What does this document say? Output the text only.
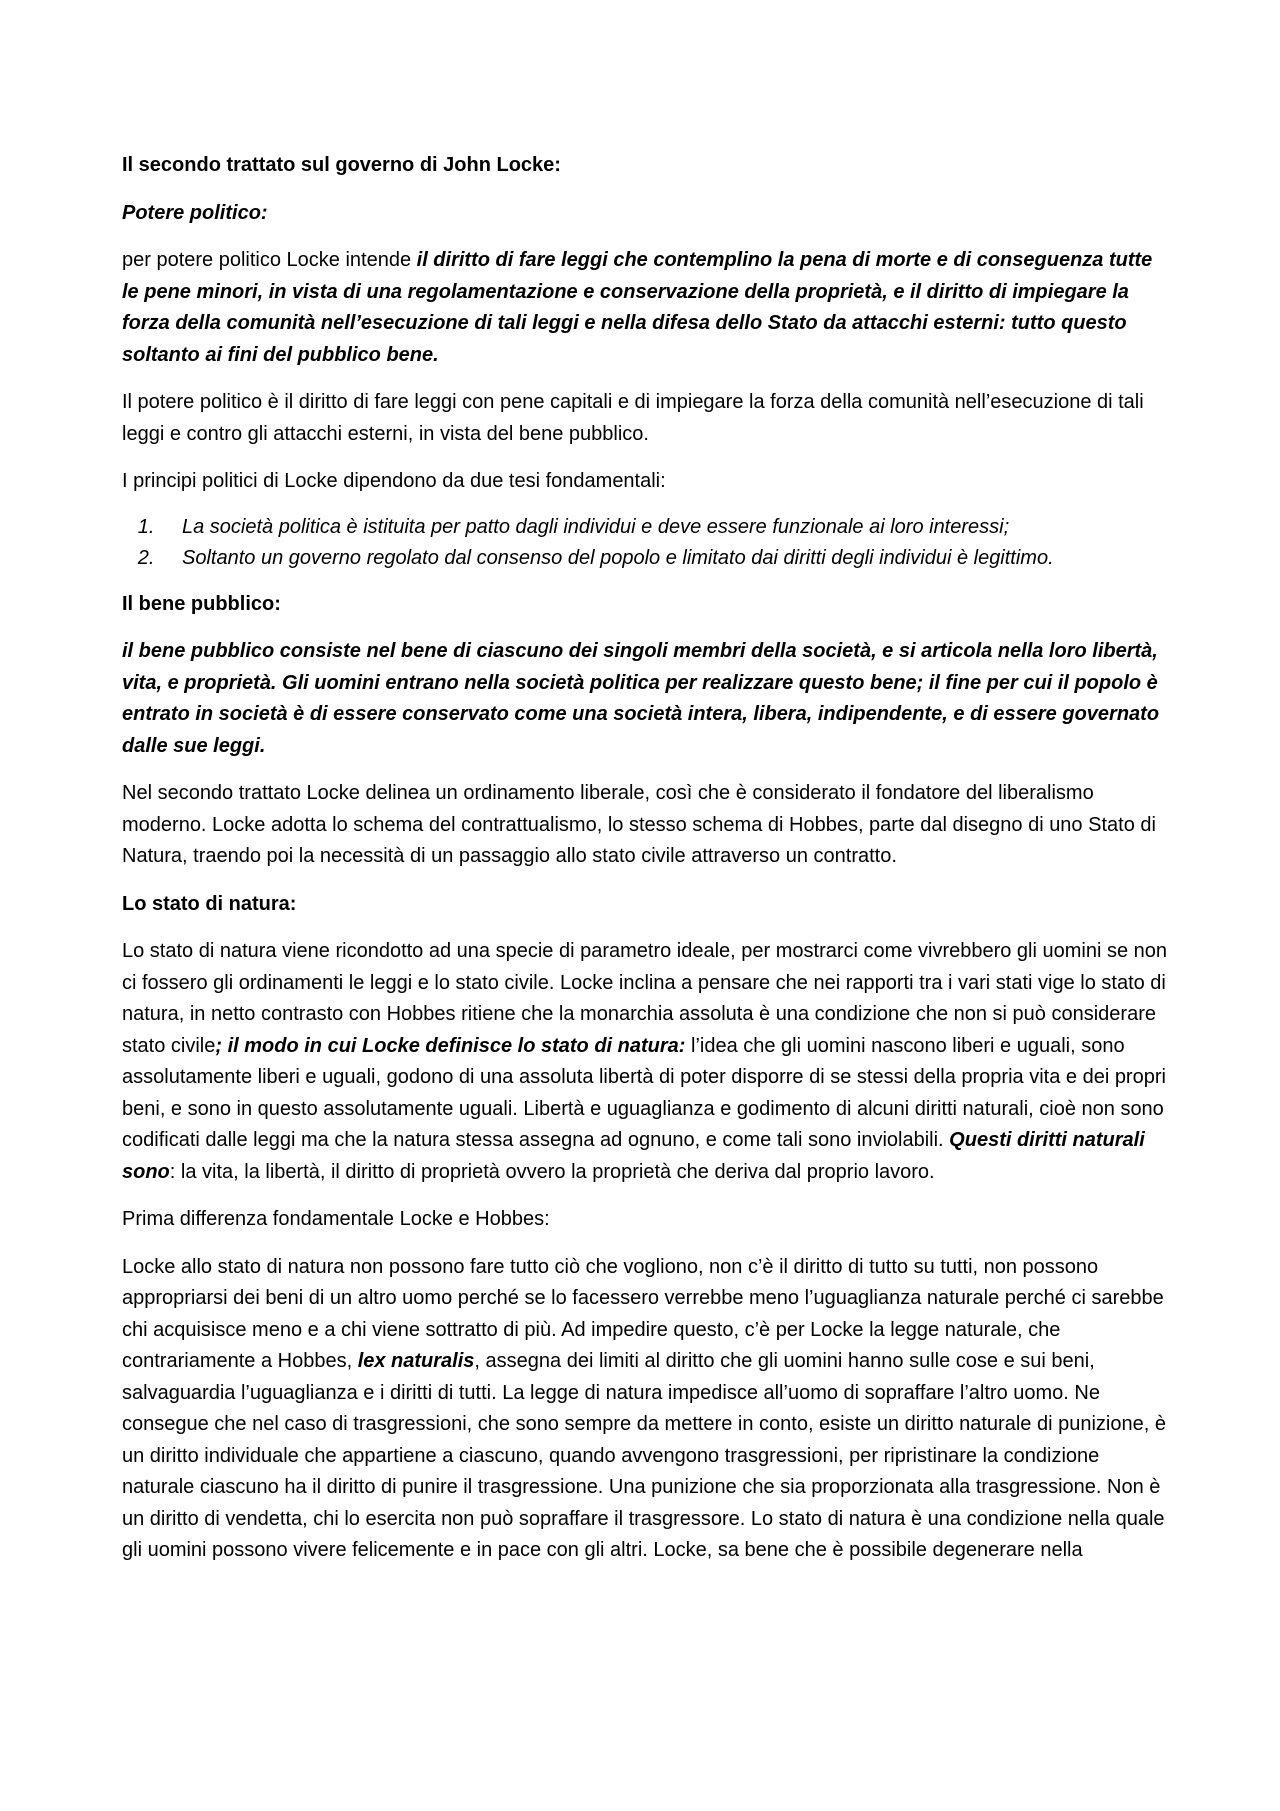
Il secondo trattato sul governo di John Locke:

Potere politico:

per potere politico Locke intende il diritto di fare leggi che contemplino la pena di morte e di conseguenza tutte le pene minori, in vista di una regolamentazione e conservazione della proprietà, e il diritto di impiegare la forza della comunità nell’esecuzione di tali leggi e nella difesa dello Stato da attacchi esterni: tutto questo soltanto ai fini del pubblico bene.

Il potere politico è il diritto di fare leggi con pene capitali e di impiegare la forza della comunità nell’esecuzione di tali leggi e contro gli attacchi esterni, in vista del bene pubblico.

I principi politici di Locke dipendono da due tesi fondamentali:

1. La società politica è istituita per patto dagli individui e deve essere funzionale ai loro interessi;
2. Soltanto un governo regolato dal consenso del popolo e limitato dai diritti degli individui è legittimo.

Il bene pubblico:

il bene pubblico consiste nel bene di ciascuno dei singoli membri della società, e si articola nella loro libertà, vita, e proprietà. Gli uomini entrano nella società politica per realizzare questo bene; il fine per cui il popolo è entrato in società è di essere conservato come una società intera, libera, indipendente, e di essere governato dalle sue leggi.

Nel secondo trattato Locke delinea un ordinamento liberale, così che è considerato il fondatore del liberalismo moderno. Locke adotta lo schema del contrattualismo, lo stesso schema di Hobbes, parte dal disegno di uno Stato di Natura, traendo poi la necessità di un passaggio allo stato civile attraverso un contratto.

Lo stato di natura:

Lo stato di natura viene ricondotto ad una specie di parametro ideale, per mostrarci come vivrebbero gli uomini se non ci fossero gli ordinamenti le leggi e lo stato civile. Locke inclina a pensare che nei rapporti tra i vari stati vige lo stato di natura, in netto contrasto con Hobbes ritiene che la monarchia assoluta è una condizione che non si può considerare stato civile; il modo in cui Locke definisce lo stato di natura: l’idea che gli uomini nascono liberi e uguali, sono assolutamente liberi e uguali, godono di una assoluta libertà di poter disporre di se stessi della propria vita e dei propri beni, e sono in questo assolutamente uguali. Libertà e uguaglianza e godimento di alcuni diritti naturali, cioè non sono codificati dalle leggi ma che la natura stessa assegna ad ognuno, e come tali sono inviolabili. Questi diritti naturali sono: la vita, la libertà, il diritto di proprietà ovvero la proprietà che deriva dal proprio lavoro.

Prima differenza fondamentale Locke e Hobbes:

Locke allo stato di natura non possono fare tutto ciò che vogliono, non c’è il diritto di tutto su tutti, non possono appropriarsi dei beni di un altro uomo perché se lo facessero verrebbe meno l’uguaglianza naturale perché ci sarebbe chi acquisisce meno e a chi viene sottratto di più. Ad impedire questo, c’è per Locke la legge naturale, che contrariamente a Hobbes, lex naturalis, assegna dei limiti al diritto che gli uomini hanno sulle cose e sui beni, salvaguardia l’uguaglianza e i diritti di tutti. La legge di natura impedisce all’uomo di sopraffare l’altro uomo. Ne consegue che nel caso di trasgressioni, che sono sempre da mettere in conto, esiste un diritto naturale di punizione, è un diritto individuale che appartiene a ciascuno, quando avvengono trasgressioni, per ripristinare la condizione naturale ciascuno ha il diritto di punire il trasgressione. Una punizione che sia proporzionata alla trasgressione. Non è un diritto di vendetta, chi lo esercita non può sopraffare il trasgressore. Lo stato di natura è una condizione nella quale gli uomini possono vivere felicemente e in pace con gli altri. Locke, sa bene che è possibile degenerare nella
